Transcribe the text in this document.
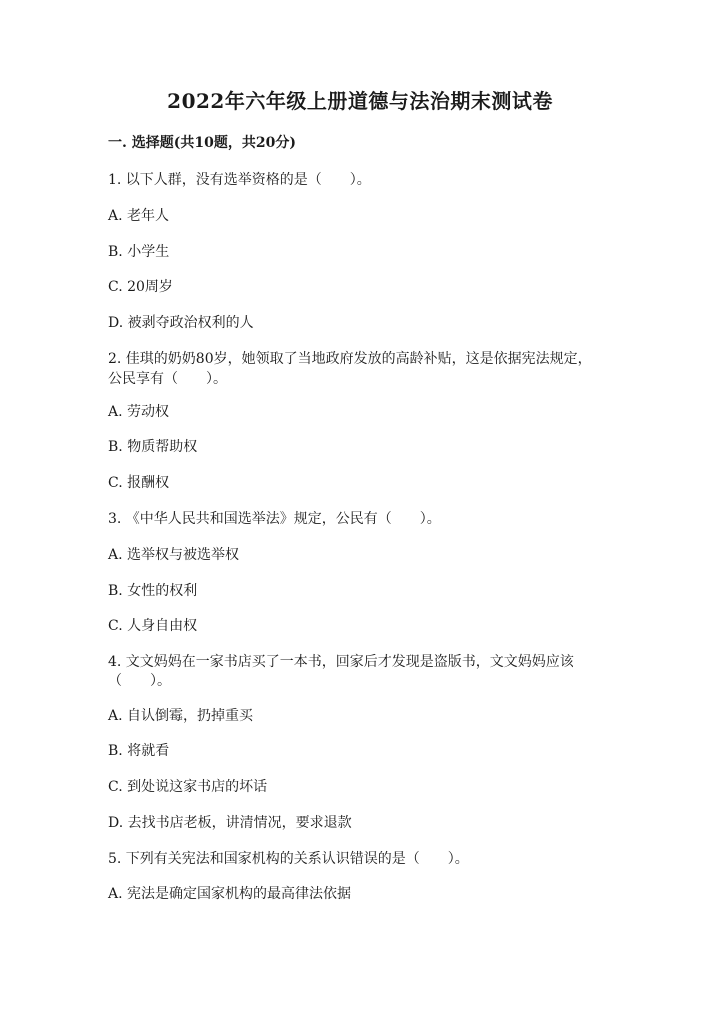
2022年六年级上册道德与法治期末测试卷
一. 选择题(共10题，共20分)
1. 以下人群，没有选举资格的是（　　）。
A. 老年人
B. 小学生
C. 20周岁
D. 被剥夺政治权利的人
2. 佳琪的奶奶80岁，她领取了当地政府发放的高龄补贴，这是依据宪法规定，
公民享有（　　）。
A. 劳动权
B. 物质帮助权
C. 报酬权
3. 《中华人民共和国选举法》规定，公民有（　　）。
A. 选举权与被选举权
B. 女性的权利
C. 人身自由权
4. 文文妈妈在一家书店买了一本书，回家后才发现是盗版书，文文妈妈应该
（　　）。
A. 自认倒霉，扔掉重买
B. 将就看
C. 到处说这家书店的坏话
D. 去找书店老板，讲清情况，要求退款
5. 下列有关宪法和国家机构的关系认识错误的是（　　）。
A. 宪法是确定国家机构的最高律法依据
